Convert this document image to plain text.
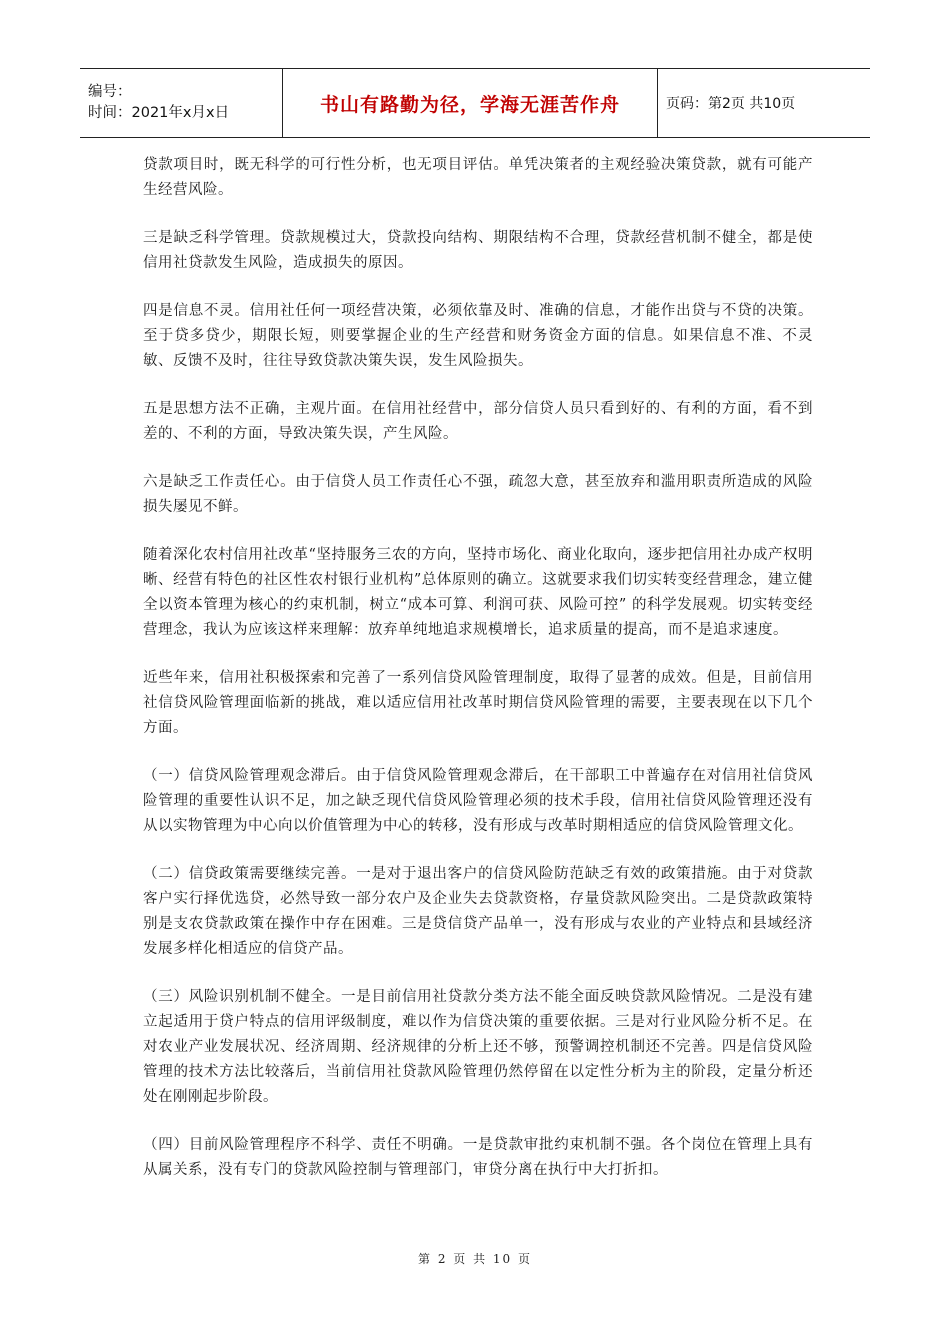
编号：
时间：2021年x月x日	书山有路勤为径，学海无涯苦作舟	页码：第2页 共10页

贷款项目时，既无科学的可行性分析，也无项目评估。单凭决策者的主观经验决策贷款，就有可能产生经营风险。

三是缺乏科学管理。贷款规模过大，贷款投向结构、期限结构不合理，贷款经营机制不健全，都是使信用社贷款发生风险，造成损失的原因。

四是信息不灵。信用社任何一项经营决策，必须依靠及时、准确的信息，才能作出贷与不贷的决策。至于贷多贷少，期限长短，则要掌握企业的生产经营和财务资金方面的信息。如果信息不准、不灵敏、反馈不及时，往往导致贷款决策失误，发生风险损失。

五是思想方法不正确，主观片面。在信用社经营中，部分信贷人员只看到好的、有利的方面，看不到差的、不利的方面，导致决策失误，产生风险。

六是缺乏工作责任心。由于信贷人员工作责任心不强，疏忽大意，甚至放弃和滥用职责所造成的风险损失屡见不鲜。

随着深化农村信用社改革“坚持服务三农的方向，坚持市场化、商业化取向，逐步把信用社办成产权明晰、经营有特色的社区性农村银行业机构”总体原则的确立。这就要求我们切实转变经营理念，建立健全以资本管理为核心的约束机制，树立“成本可算、利润可获、风险可控” 的科学发展观。切实转变经营理念，我认为应该这样来理解：放弃单纯地追求规模增长，追求质量的提高，而不是追求速度。

近些年来，信用社积极探索和完善了一系列信贷风险管理制度，取得了显著的成效。但是，目前信用社信贷风险管理面临新的挑战，难以适应信用社改革时期信贷风险管理的需要，主要表现在以下几个方面。

（一）信贷风险管理观念滞后。由于信贷风险管理观念滞后，在干部职工中普遍存在对信用社信贷风险管理的重要性认识不足，加之缺乏现代信贷风险管理必须的技术手段，信用社信贷风险管理还没有从以实物管理为中心向以价值管理为中心的转移，没有形成与改革时期相适应的信贷风险管理文化。

（二）信贷政策需要继续完善。一是对于退出客户的信贷风险防范缺乏有效的政策措施。由于对贷款客户实行择优选贷，必然导致一部分农户及企业失去贷款资格，存量贷款风险突出。二是贷款政策特别是支农贷款政策在操作中存在困难。三是贷信贷产品单一，没有形成与农业的产业特点和县域经济发展多样化相适应的信贷产品。

（三）风险识别机制不健全。一是目前信用社贷款分类方法不能全面反映贷款风险情况。二是没有建立起适用于贷户特点的信用评级制度，难以作为信贷决策的重要依据。三是对行业风险分析不足。在对农业产业发展状况、经济周期、经济规律的分析上还不够，预警调控机制还不完善。四是信贷风险管理的技术方法比较落后，当前信用社贷款风险管理仍然停留在以定性分析为主的阶段，定量分析还处在刚刚起步阶段。

（四）目前风险管理程序不科学、责任不明确。一是贷款审批约束机制不强。各个岗位在管理上具有从属关系，没有专门的贷款风险控制与管理部门，审贷分离在执行中大打折扣。

第 2 页 共 10 页
